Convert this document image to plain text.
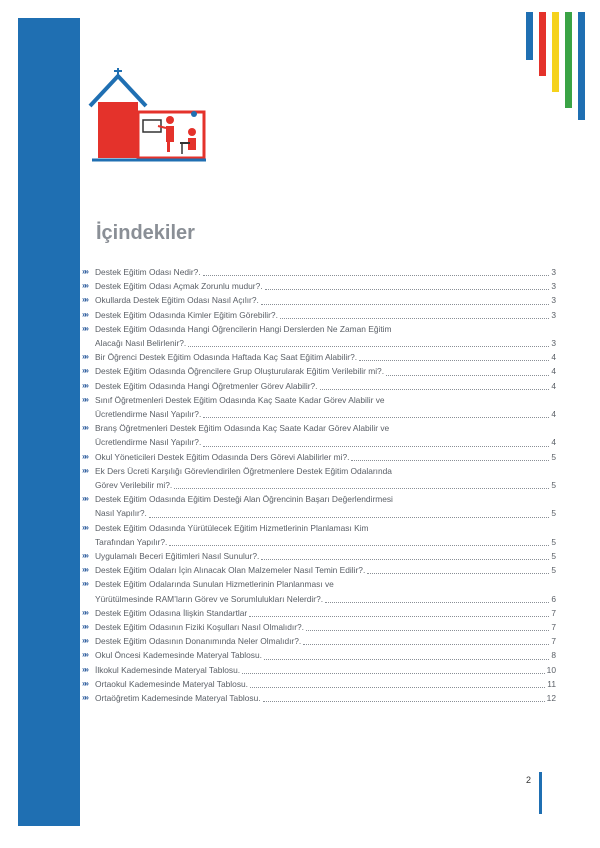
İçindekiler
»» Destek Eğitim Odası Nedir?.	3
»» Destek Eğitim Odası Açmak Zorunlu mudur?.	3
»» Okullarda Destek Eğitim Odası Nasıl Açılır?.	3
»» Destek Eğitim Odasında Kimler Eğitim Görebilir?.	3
»» Destek Eğitim Odasında Hangi Öğrencilerin Hangi Derslerden Ne Zaman Eğitim
Alacağı Nasıl Belirlenir?.	3
»» Bir Öğrenci Destek Eğitim Odasında Haftada Kaç Saat Eğitim Alabilir?.	4
»» Destek Eğitim Odasında Öğrencilere Grup Oluşturularak Eğitim Verilebilir mi?.	4
»» Destek Eğitim Odasında Hangi Öğretmenler Görev Alabilir?.	4
»» Sınıf Öğretmenleri Destek Eğitim Odasında Kaç Saate Kadar Görev Alabilir ve
Ücretlendirme Nasıl Yapılır?.	4
»» Branş Öğretmenleri Destek Eğitim Odasında Kaç Saate Kadar Görev Alabilir ve
Ücretlendirme Nasıl Yapılır?.	4
»» Okul Yöneticileri Destek Eğitim Odasında Ders Görevi Alabilirler mi?.	5
»» Ek Ders Ücreti Karşılığı Görevlendirilen Öğretmenlere Destek Eğitim Odalarında
Görev Verilebilir mi?.	5
»» Destek Eğitim Odasında Eğitim Desteği Alan Öğrencinin Başarı Değerlendirmesi
Nasıl Yapılır?.	5
»» Destek Eğitim Odasında Yürütülecek Eğitim Hizmetlerinin Planlaması Kim
Tarafından Yapılır?.	5
»» Uygulamalı Beceri Eğitimleri Nasıl Sunulur?.	5
»» Destek Eğitim Odaları İçin Alınacak Olan Malzemeler Nasıl Temin Edilir?.	5
»» Destek Eğitim Odalarında Sunulan Hizmetlerinin Planlanması ve
Yürütülmesinde RAM’ların Görev ve Sorumlulukları Nelerdir?.	6
»» Destek Eğitim Odasına İlişkin Standartlar	7
»» Destek Eğitim Odasının Fiziki Koşulları Nasıl Olmalıdır?.	7
»» Destek Eğitim Odasının Donanımında Neler Olmalıdır?.	7
»» Okul Öncesi Kademesinde Materyal Tablosu.	8
»» İlkokul Kademesinde Materyal Tablosu.	10
»» Ortaokul Kademesinde Materyal Tablosu.	11
»» Ortaöğretim Kademesinde Materyal Tablosu.	12
2
